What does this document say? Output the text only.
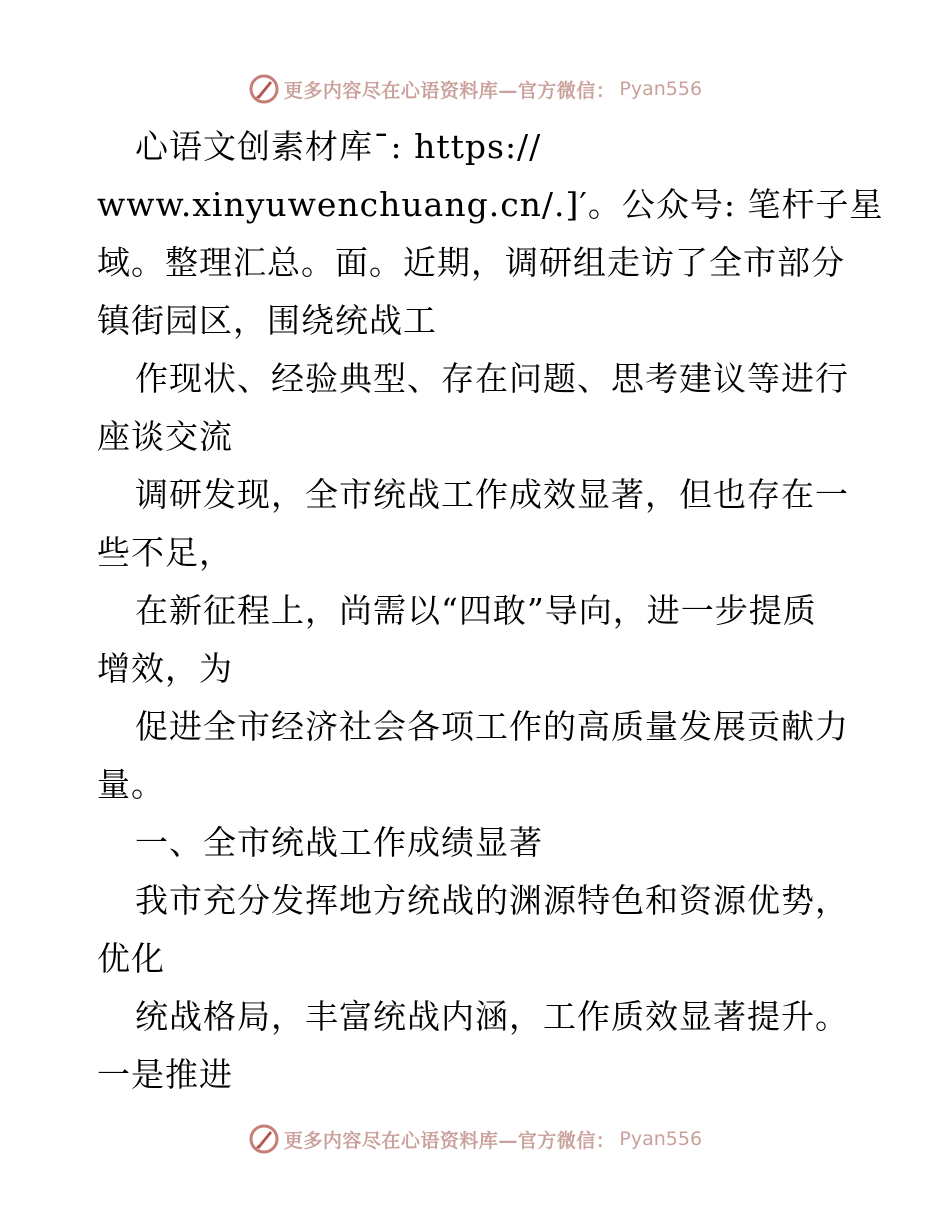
更多内容尽在心语资料库—官方微信： Pyan556
心语文创素材库¯: https://
www.xinyuwenchuang.cn/.]′。公众号: 笔杆子星
域。整理汇总。面。近期，调研组走访了全市部分
镇街园区，围绕统战工
作现状、经验典型、存在问题、思考建议等进行
座谈交流
调研发现，全市统战工作成效显著，但也存在一
些不足，
在新征程上，尚需以“四敢”导向，进一步提质
增效，为
促进全市经济社会各项工作的高质量发展贡献力
量。
一、全市统战工作成绩显著
我市充分发挥地方统战的渊源特色和资源优势，
优化
统战格局，丰富统战内涵，工作质效显著提升。
一是推进
更多内容尽在心语资料库—官方微信： Pyan556
